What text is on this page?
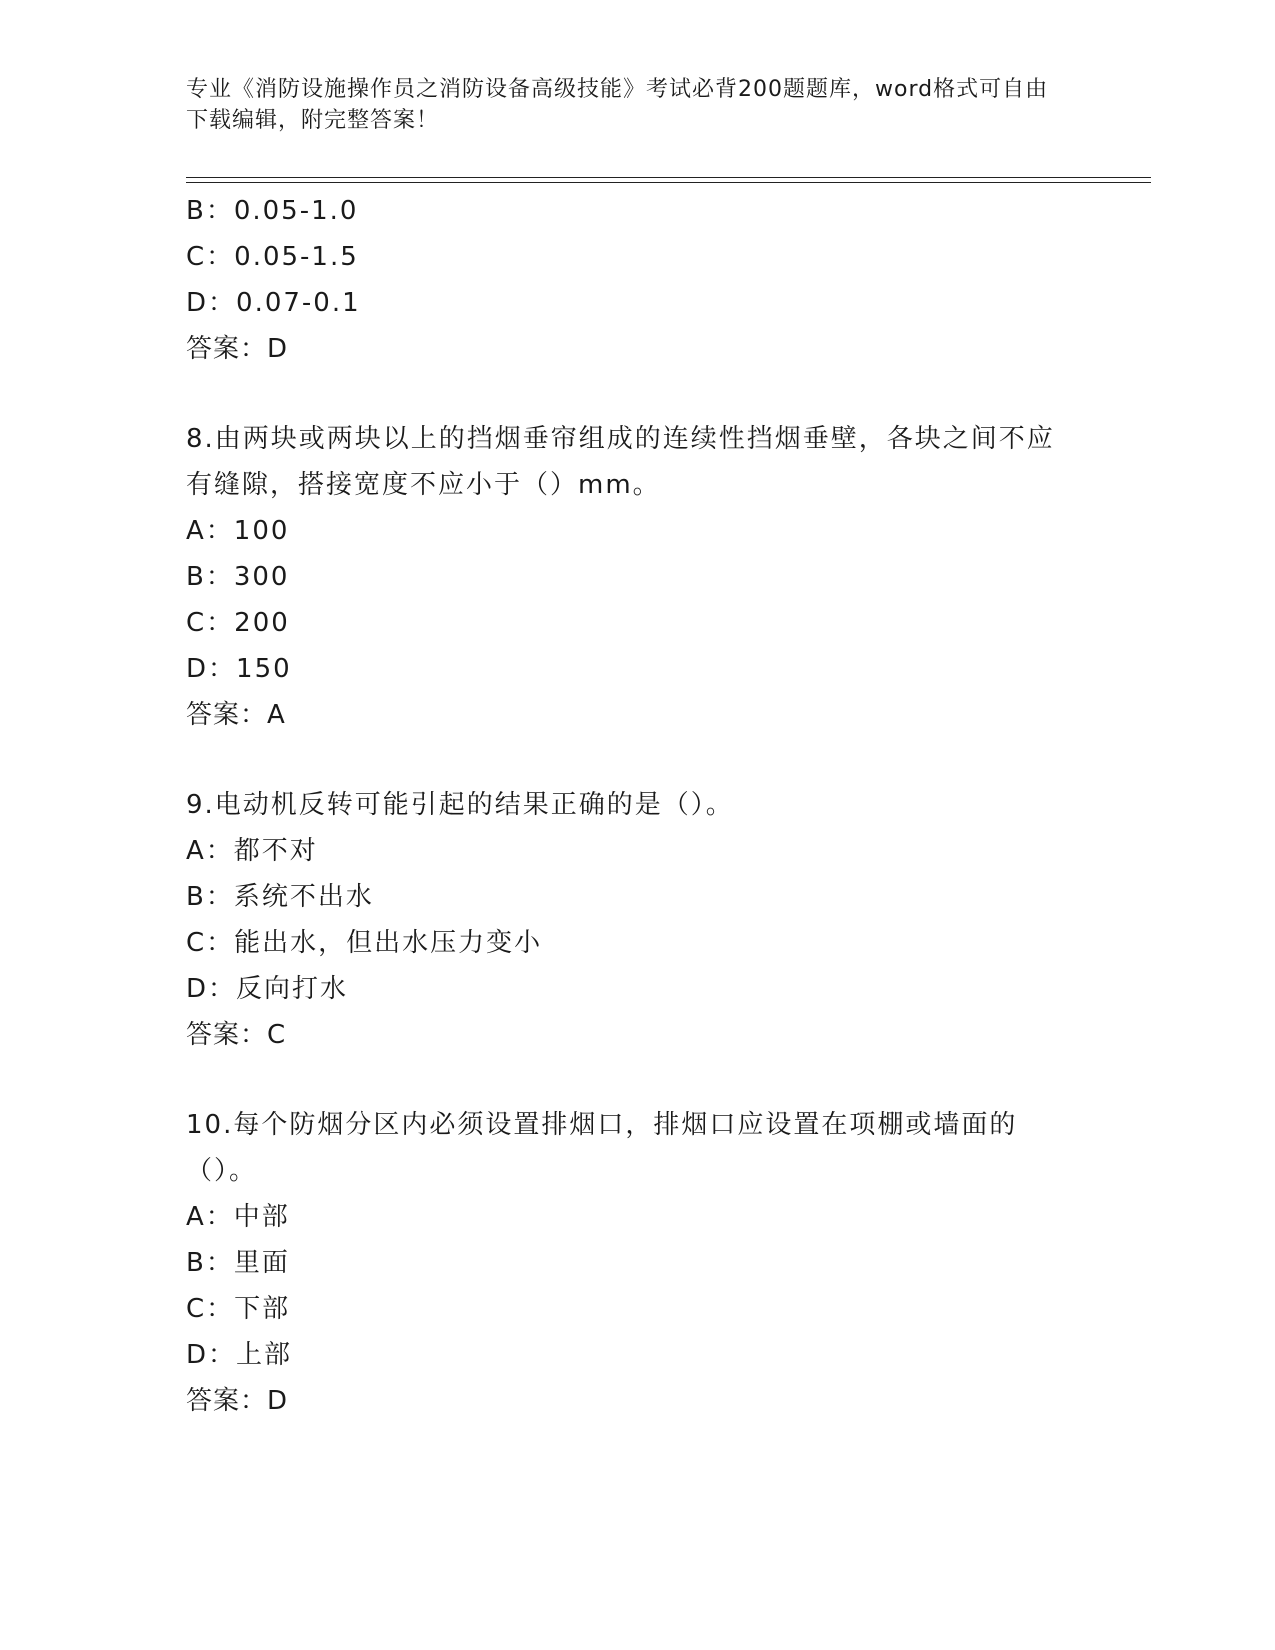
专业《消防设施操作员之消防设备高级技能》考试必背200题题库，word格式可自由下载编辑，附完整答案！
B：0.05-1.0
C：0.05-1.5
D：0.07-0.1
答案：D
8.由两块或两块以上的挡烟垂帘组成的连续性挡烟垂壁，各块之间不应有缝隙，搭接宽度不应小于（）mm。
A：100
B：300
C：200
D：150
答案：A
9.电动机反转可能引起的结果正确的是（）。
A：都不对
B：系统不出水
C：能出水，但出水压力变小
D：反向打水
答案：C
10.每个防烟分区内必须设置排烟口，排烟口应设置在项棚或墙面的（）。
A：中部
B：里面
C：下部
D：上部
答案：D
